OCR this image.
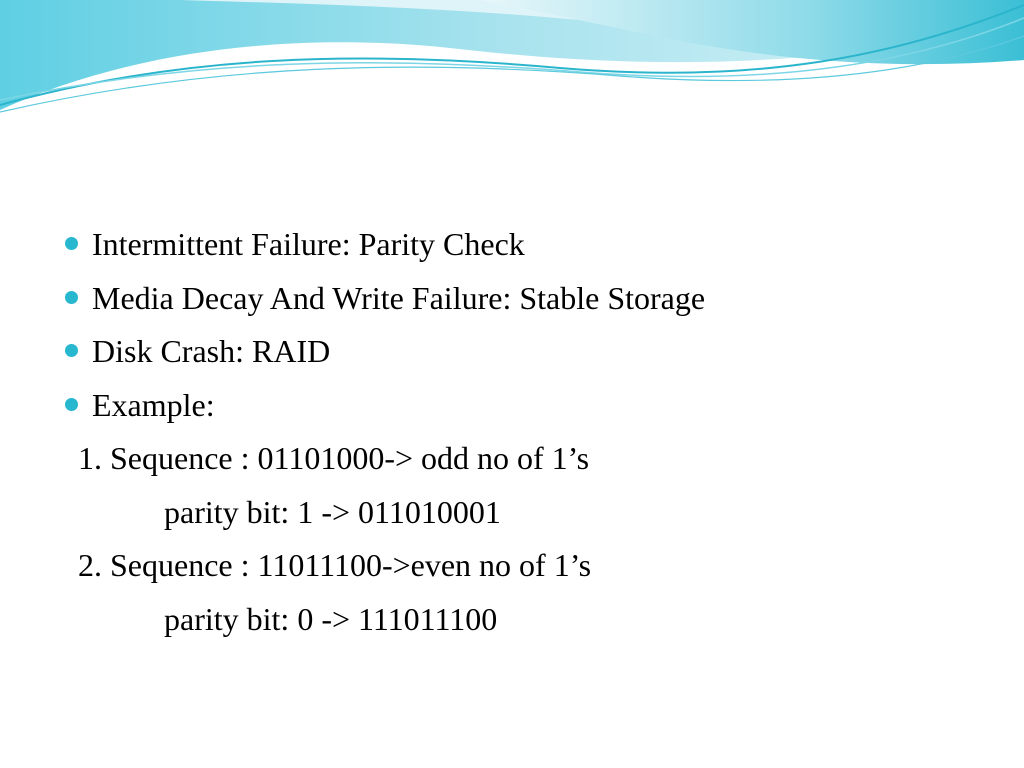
Intermittent Failure: Parity Check
Media Decay And Write Failure: Stable Storage
Disk Crash: RAID
Example:
1. Sequence : 01101000-> odd no of 1’s
parity bit: 1 -> 011010001
2. Sequence : 11011100->even no of 1’s
parity bit: 0 -> 111011100
